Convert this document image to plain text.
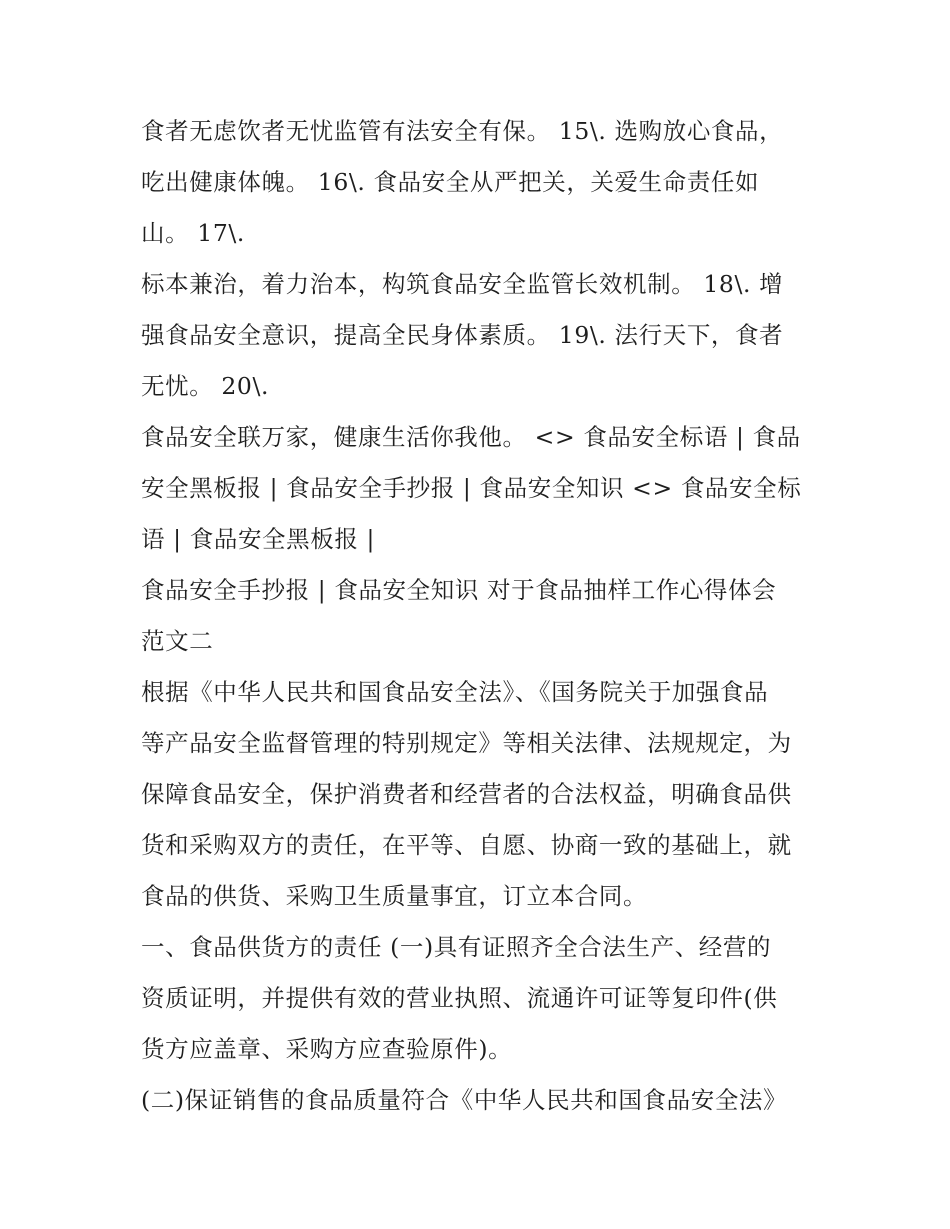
食者无虑饮者无忧监管有法安全有保。 15\. 选购放心食品，
吃出健康体魄。 16\. 食品安全从严把关，关爱生命责任如
山。 17\.
标本兼治，着力治本，构筑食品安全监管长效机制。 18\. 增
强食品安全意识，提高全民身体素质。 19\. 法行天下，食者
无忧。 20\.
食品安全联万家，健康生活你我他。 <> 食品安全标语 | 食品
安全黑板报 | 食品安全手抄报 | 食品安全知识 <> 食品安全标
语 | 食品安全黑板报 |
食品安全手抄报 | 食品安全知识 对于食品抽样工作心得体会
范文二
根据《中华人民共和国食品安全法》、《国务院关于加强食品
等产品安全监督管理的特别规定》等相关法律、法规规定，为
保障食品安全，保护消费者和经营者的合法权益，明确食品供
货和采购双方的责任，在平等、自愿、协商一致的基础上，就
食品的供货、采购卫生质量事宜，订立本合同。
一、食品供货方的责任 (一)具有证照齐全合法生产、经营的
资质证明，并提供有效的营业执照、流通许可证等复印件(供
货方应盖章、采购方应查验原件)。
(二)保证销售的食品质量符合《中华人民共和国食品安全法》
